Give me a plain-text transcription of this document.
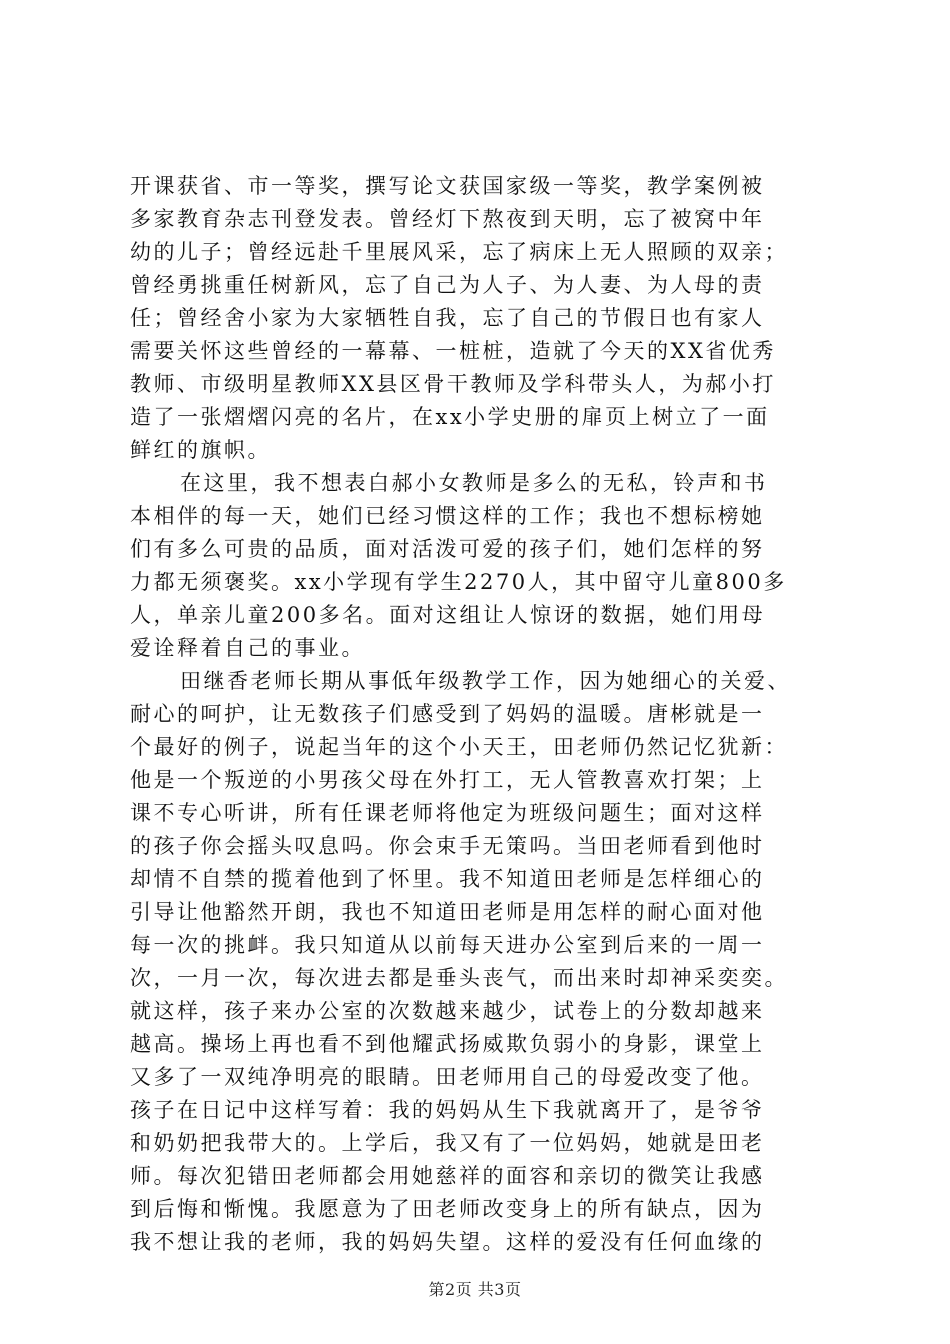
开课获省、市一等奖，撰写论文获国家级一等奖，教学案例被
多家教育杂志刊登发表。曾经灯下熬夜到天明，忘了被窝中年
幼的儿子；曾经远赴千里展风采，忘了病床上无人照顾的双亲；
曾经勇挑重任树新风，忘了自己为人子、为人妻、为人母的责
任；曾经舍小家为大家牺牲自我，忘了自己的节假日也有家人
需要关怀这些曾经的一幕幕、一桩桩，造就了今天的XX省优秀
教师、市级明星教师XX县区骨干教师及学科带头人，为郝小打
造了一张熠熠闪亮的名片，在xx小学史册的扉页上树立了一面
鲜红的旗帜。
在这里，我不想表白郝小女教师是多么的无私，铃声和书
本相伴的每一天，她们已经习惯这样的工作；我也不想标榜她
们有多么可贵的品质，面对活泼可爱的孩子们，她们怎样的努
力都无须褒奖。xx小学现有学生2270人，其中留守儿童800多
人，单亲儿童200多名。面对这组让人惊讶的数据，她们用母
爱诠释着自己的事业。
田继香老师长期从事低年级教学工作，因为她细心的关爱、
耐心的呵护，让无数孩子们感受到了妈妈的温暖。唐彬就是一
个最好的例子，说起当年的这个小天王，田老师仍然记忆犹新：
他是一个叛逆的小男孩父母在外打工，无人管教喜欢打架；上
课不专心听讲，所有任课老师将他定为班级问题生；面对这样
的孩子你会摇头叹息吗。你会束手无策吗。当田老师看到他时
却情不自禁的揽着他到了怀里。我不知道田老师是怎样细心的
引导让他豁然开朗，我也不知道田老师是用怎样的耐心面对他
每一次的挑衅。我只知道从以前每天进办公室到后来的一周一
次，一月一次，每次进去都是垂头丧气，而出来时却神采奕奕。
就这样，孩子来办公室的次数越来越少，试卷上的分数却越来
越高。操场上再也看不到他耀武扬威欺负弱小的身影，课堂上
又多了一双纯净明亮的眼睛。田老师用自己的母爱改变了他。
孩子在日记中这样写着：我的妈妈从生下我就离开了，是爷爷
和奶奶把我带大的。上学后，我又有了一位妈妈，她就是田老
师。每次犯错田老师都会用她慈祥的面容和亲切的微笑让我感
到后悔和惭愧。我愿意为了田老师改变身上的所有缺点，因为
我不想让我的老师，我的妈妈失望。这样的爱没有任何血缘的
第2页 共3页
